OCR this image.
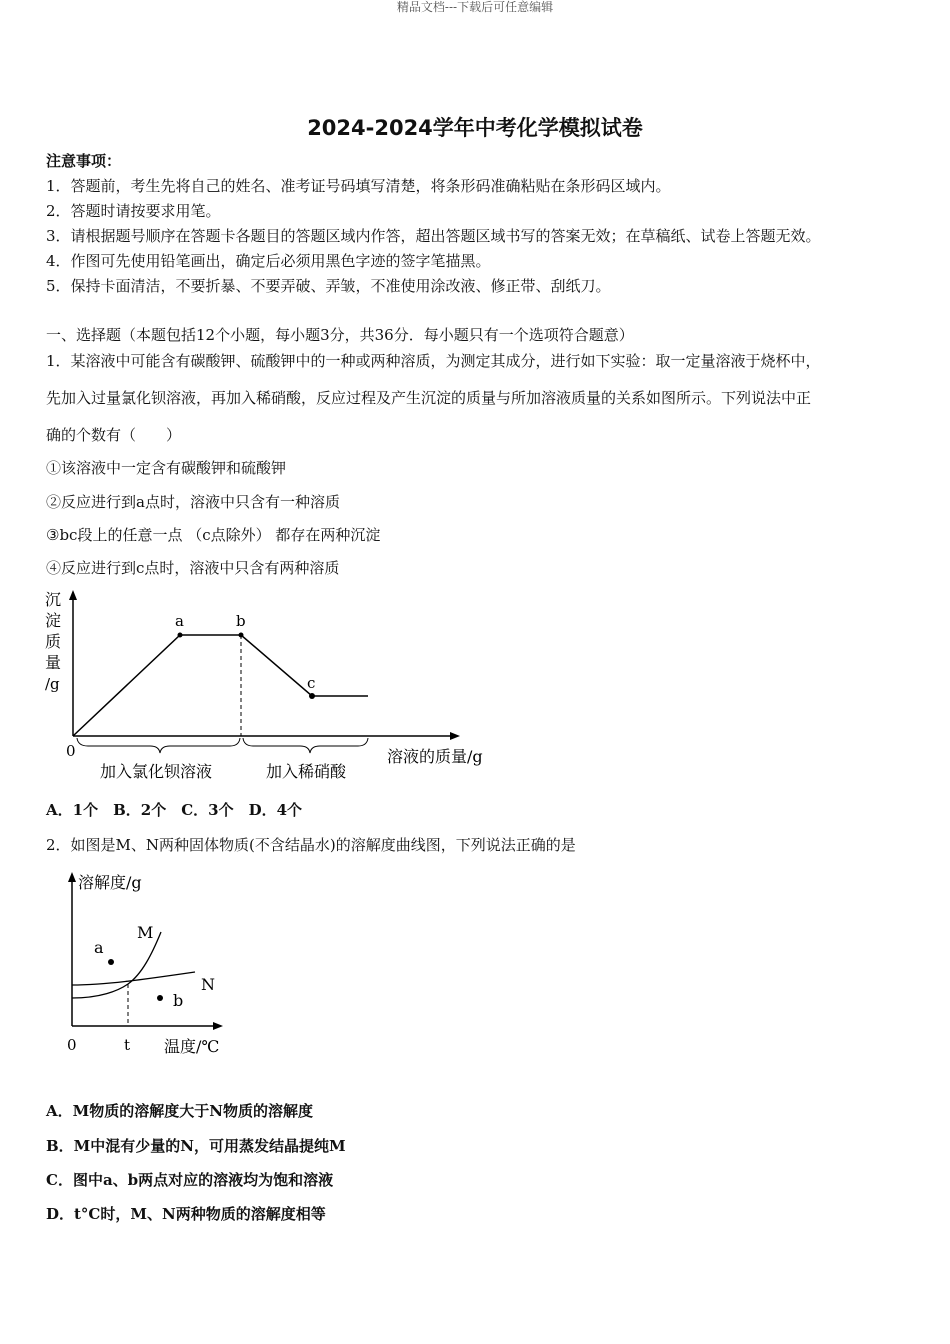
精品文档---下载后可任意编辑
2024-2024学年中考化学模拟试卷
注意事项：
1．答题前，考生先将自己的姓名、准考证号码填写清楚，将条形码准确粘贴在条形码区域内。
2．答题时请按要求用笔。
3．请根据题号顺序在答题卡各题目的答题区域内作答，超出答题区域书写的答案无效；在草稿纸、试卷上答题无效。
4．作图可先使用铅笔画出，确定后必须用黑色字迹的签字笔描黑。
5．保持卡面清洁，不要折暴、不要弄破、弄皱，不准使用涂改液、修正带、刮纸刀。
一、选择题（本题包括12个小题，每小题3分，共36分．每小题只有一个选项符合题意）
1．某溶液中可能含有碳酸钾、硫酸钾中的一种或两种溶质，为测定其成分，进行如下实验：取一定量溶液于烧杯中，
先加入过量氯化钡溶液，再加入稀硝酸，反应过程及产生沉淀的质量与所加溶液质量的关系如图所示。下列说法中正
确的个数有（　　）
①该溶液中一定含有碳酸钾和硫酸钾
②反应进行到a点时，溶液中只含有一种溶质
③bc段上的任意一点 （c点除外） 都存在两种沉淀
④反应进行到c点时，溶液中只含有两种溶质
沉
淀
质
量
/g
0	溶液的质量/g
a	b
c
加入氯化钡溶液	加入稀硝酸
A．1个　B．2个　C．3个　D．4个
2．如图是M、N两种固体物质(不含结晶水)的溶解度曲线图，下列说法正确的是
溶解度/g
M
N
a
b
0	t 温度/℃
A．M物质的溶解度大于N物质的溶解度
B．M中混有少量的N，可用蒸发结晶提纯M
C．图中a、b两点对应的溶液均为饱和溶液
D．t°C时，M、N两种物质的溶解度相等
